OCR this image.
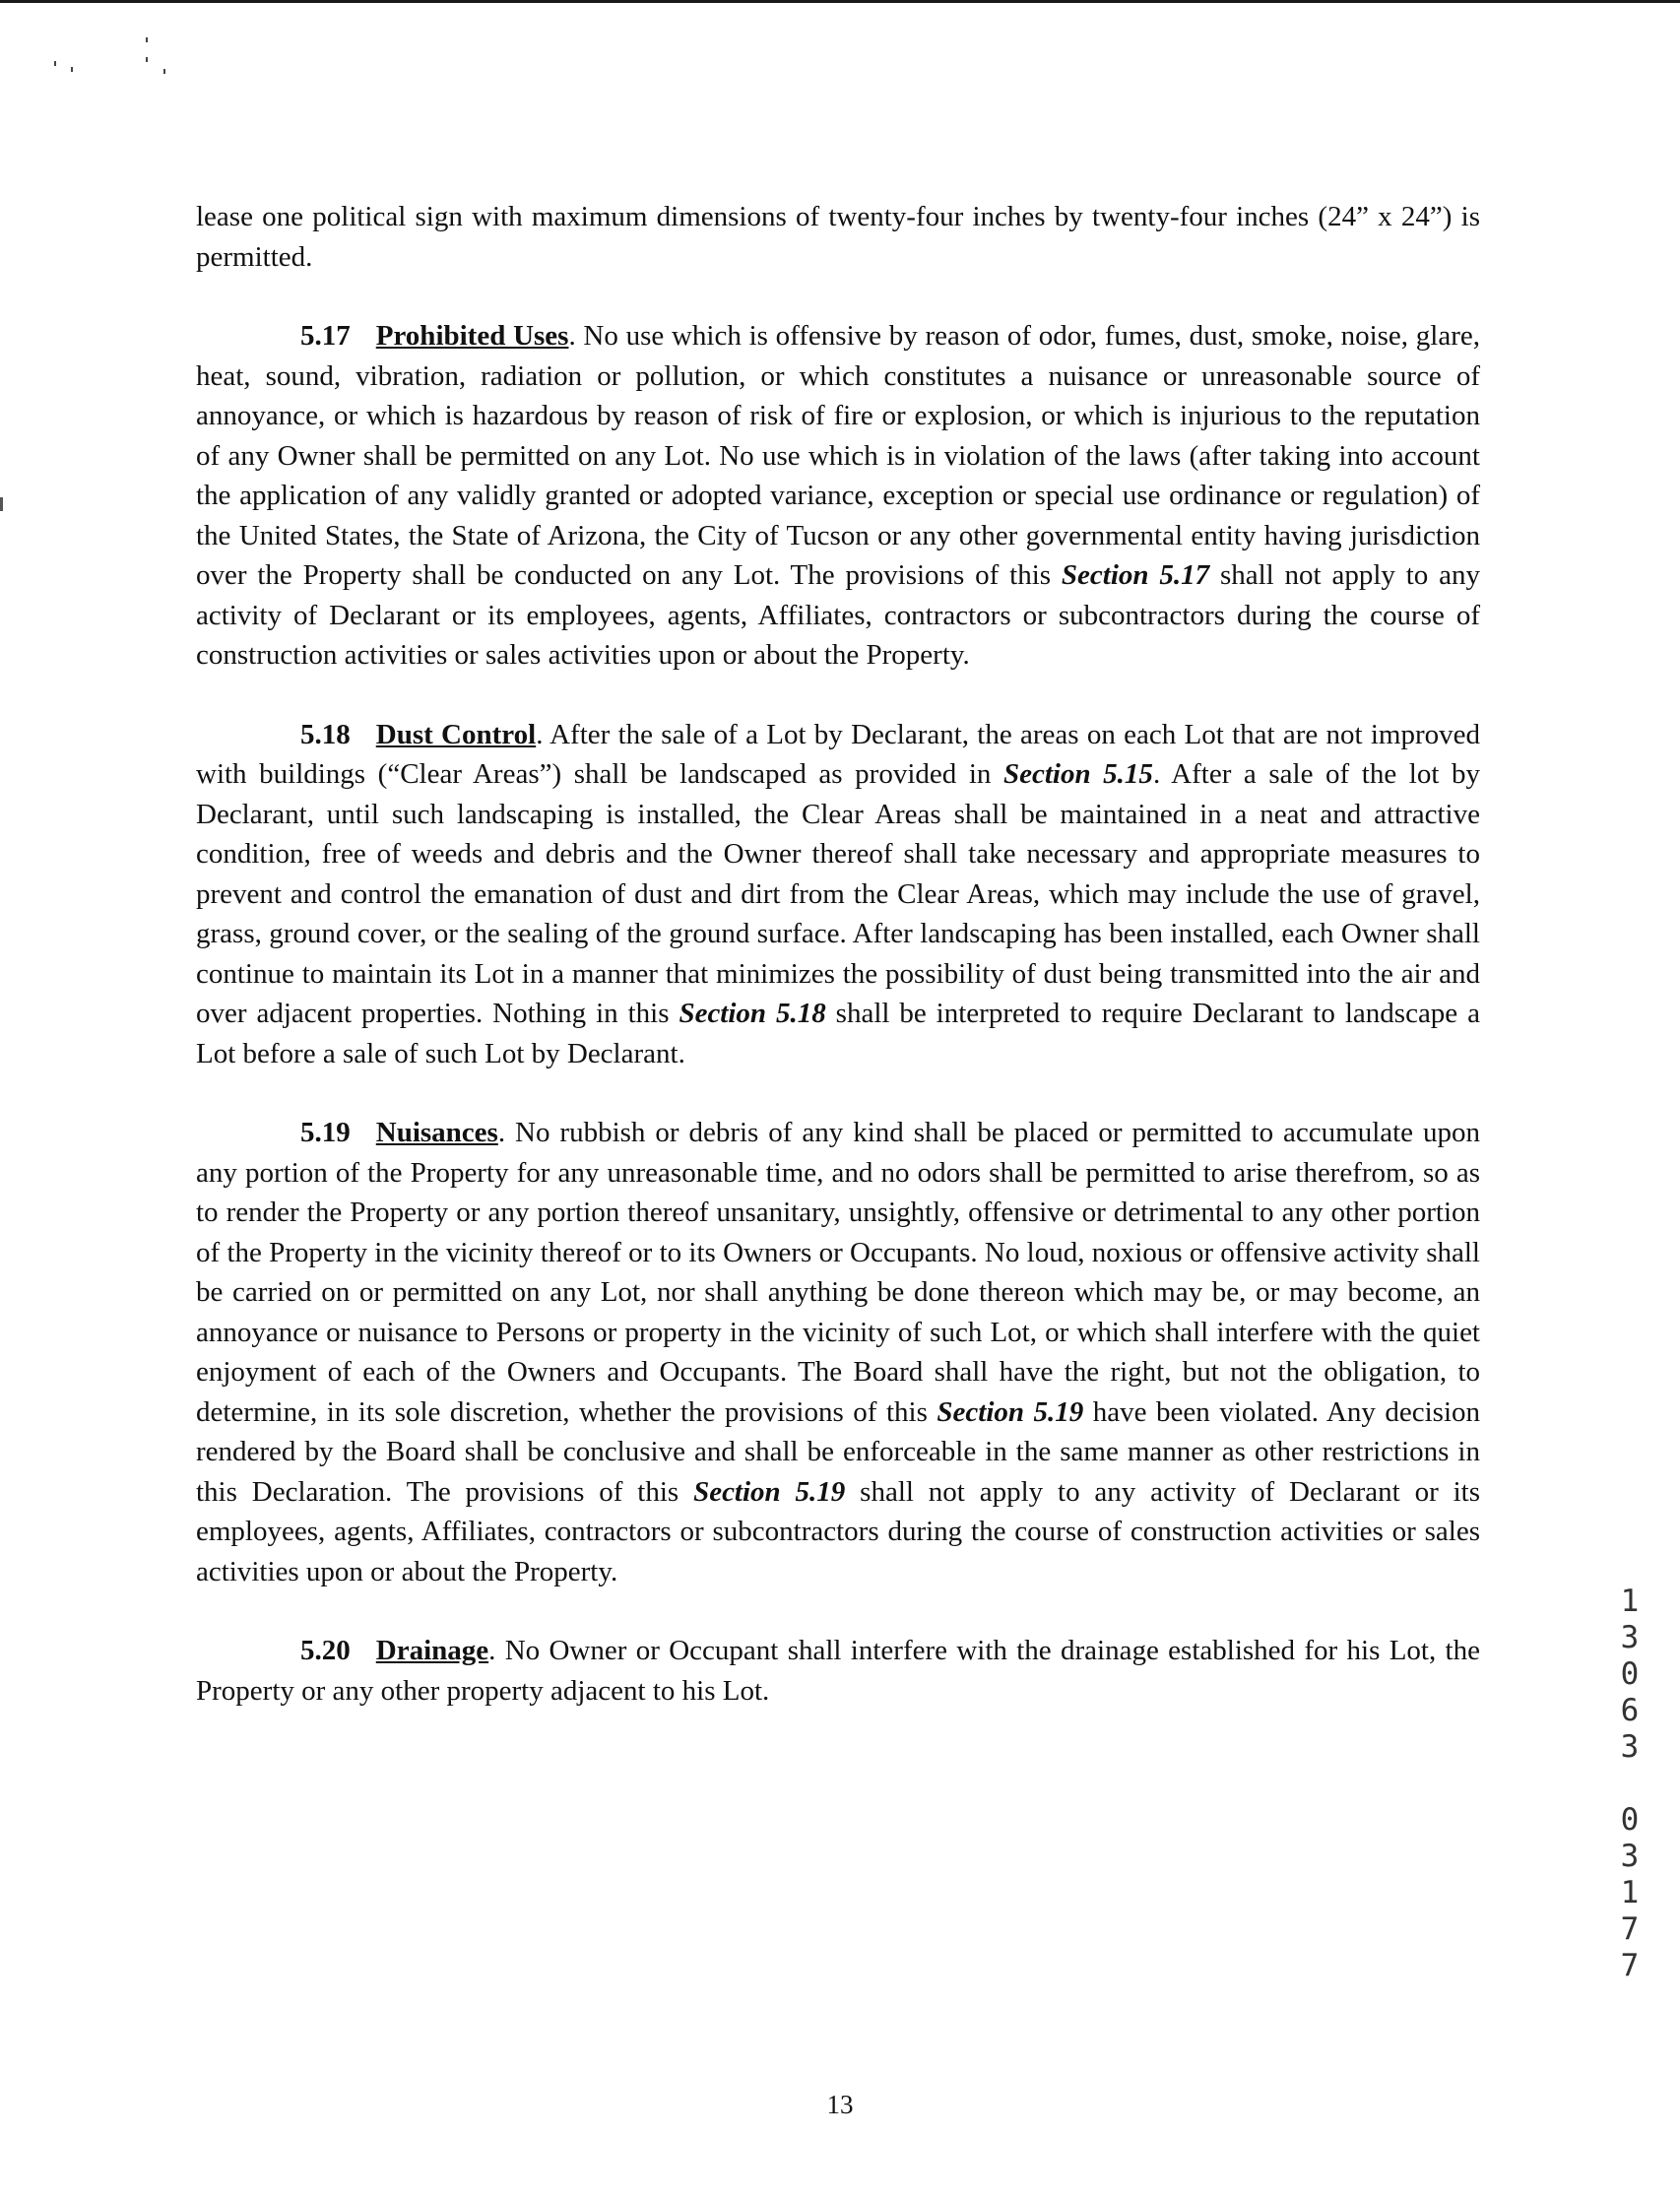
lease one political sign with maximum dimensions of twenty-four inches by twenty-four inches (24” x 24”) is permitted.

5.17 Prohibited Uses. No use which is offensive by reason of odor, fumes, dust, smoke, noise, glare, heat, sound, vibration, radiation or pollution, or which constitutes a nuisance or unreasonable source of annoyance, or which is hazardous by reason of risk of fire or explosion, or which is injurious to the reputation of any Owner shall be permitted on any Lot. No use which is in violation of the laws (after taking into account the application of any validly granted or adopted variance, exception or special use ordinance or regulation) of the United States, the State of Arizona, the City of Tucson or any other governmental entity having jurisdiction over the Property shall be conducted on any Lot. The provisions of this Section 5.17 shall not apply to any activity of Declarant or its employees, agents, Affiliates, contractors or subcontractors during the course of construction activities or sales activities upon or about the Property.

5.18 Dust Control. After the sale of a Lot by Declarant, the areas on each Lot that are not improved with buildings (“Clear Areas”) shall be landscaped as provided in Section 5.15. After a sale of the lot by Declarant, until such landscaping is installed, the Clear Areas shall be maintained in a neat and attractive condition, free of weeds and debris and the Owner thereof shall take necessary and appropriate measures to prevent and control the emanation of dust and dirt from the Clear Areas, which may include the use of gravel, grass, ground cover, or the sealing of the ground surface. After landscaping has been installed, each Owner shall continue to maintain its Lot in a manner that minimizes the possibility of dust being transmitted into the air and over adjacent properties. Nothing in this Section 5.18 shall be interpreted to require Declarant to landscape a Lot before a sale of such Lot by Declarant.

5.19 Nuisances. No rubbish or debris of any kind shall be placed or permitted to accumulate upon any portion of the Property for any unreasonable time, and no odors shall be permitted to arise therefrom, so as to render the Property or any portion thereof unsanitary, unsightly, offensive or detrimental to any other portion of the Property in the vicinity thereof or to its Owners or Occupants. No loud, noxious or offensive activity shall be carried on or permitted on any Lot, nor shall anything be done thereon which may be, or may become, an annoyance or nuisance to Persons or property in the vicinity of such Lot, or which shall interfere with the quiet enjoyment of each of the Owners and Occupants. The Board shall have the right, but not the obligation, to determine, in its sole discretion, whether the provisions of this Section 5.19 have been violated. Any decision rendered by the Board shall be conclusive and shall be enforceable in the same manner as other restrictions in this Declaration. The provisions of this Section 5.19 shall not apply to any activity of Declarant or its employees, agents, Affiliates, contractors or subcontractors during the course of construction activities or sales activities upon or about the Property.

5.20 Drainage. No Owner or Occupant shall interfere with the drainage established for his Lot, the Property or any other property adjacent to his Lot.

1
3
0
6
3

0
3
1
7
7
13
